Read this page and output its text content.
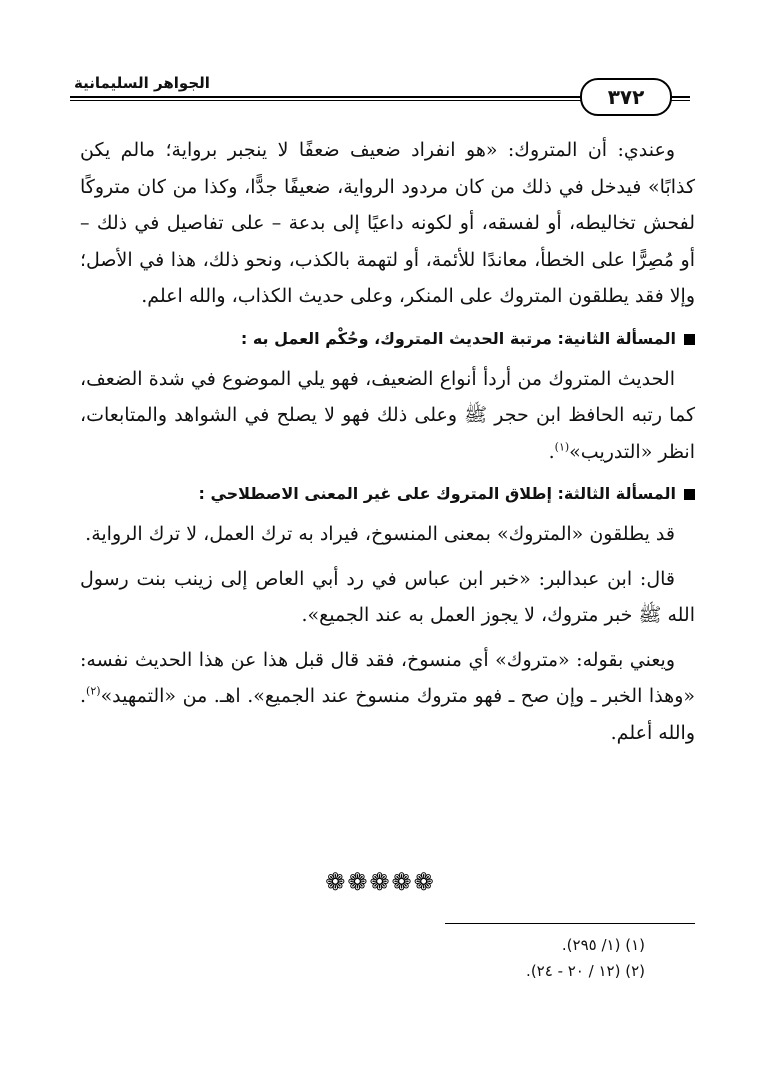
الجواهر السليمانية
٣٧٢

وعندي: أن المتروك: «هو انفراد ضعيف ضعفًا لا ينجبر برواية؛ مالم يكن كذابًا» فيدخل في ذلك من كان مردود الرواية، ضعيفًا جدًّا، وكذا من كان متروكًا لفحش تخاليطه، أو لفسقه، أو لكونه داعيًا إلى بدعة – على تفاصيل في ذلك – أو مُصِرًّا على الخطأ، معاندًا للأئمة، أو لتهمة بالكذب، ونحو ذلك، هذا في الأصل؛ وإلا فقد يطلقون المتروك على المنكر، وعلى حديث الكذاب، والله اعلم.

المسألة الثانية: مرتبة الحديث المتروك، وحُكْم العمل به :

الحديث المتروك من أردأ أنواع الضعيف، فهو يلي الموضوع في شدة الضعف، كما رتبه الحافظ ابن حجر ﷺ وعلى ذلك فهو لا يصلح في الشواهد والمتابعات، انظر «التدريب»$^{(١)}$.

المسألة الثالثة: إطلاق المتروك على غير المعنى الاصطلاحي :

قد يطلقون «المتروك» بمعنى المنسوخ، فيراد به ترك العمل، لا ترك الرواية.

قال: ابن عبدالبر: «خبر ابن عباس في رد أبي العاص إلى زينب بنت رسول الله ﷺ خبر متروك، لا يجوز العمل به عند الجميع».

ويعني بقوله: «متروك» أي منسوخ، فقد قال قبل هذا عن هذا الحديث نفسه: «وهذا الخبر ـ وإن صح ـ فهو متروك منسوخ عند الجميع». اهـ. من «التمهيد»$^{(٢)}$. والله أعلم.

❁❁❁❁❁
(١) (١/ ٢٩٥).
(٢) (١٢ / ٢٠ - ٢٤).
